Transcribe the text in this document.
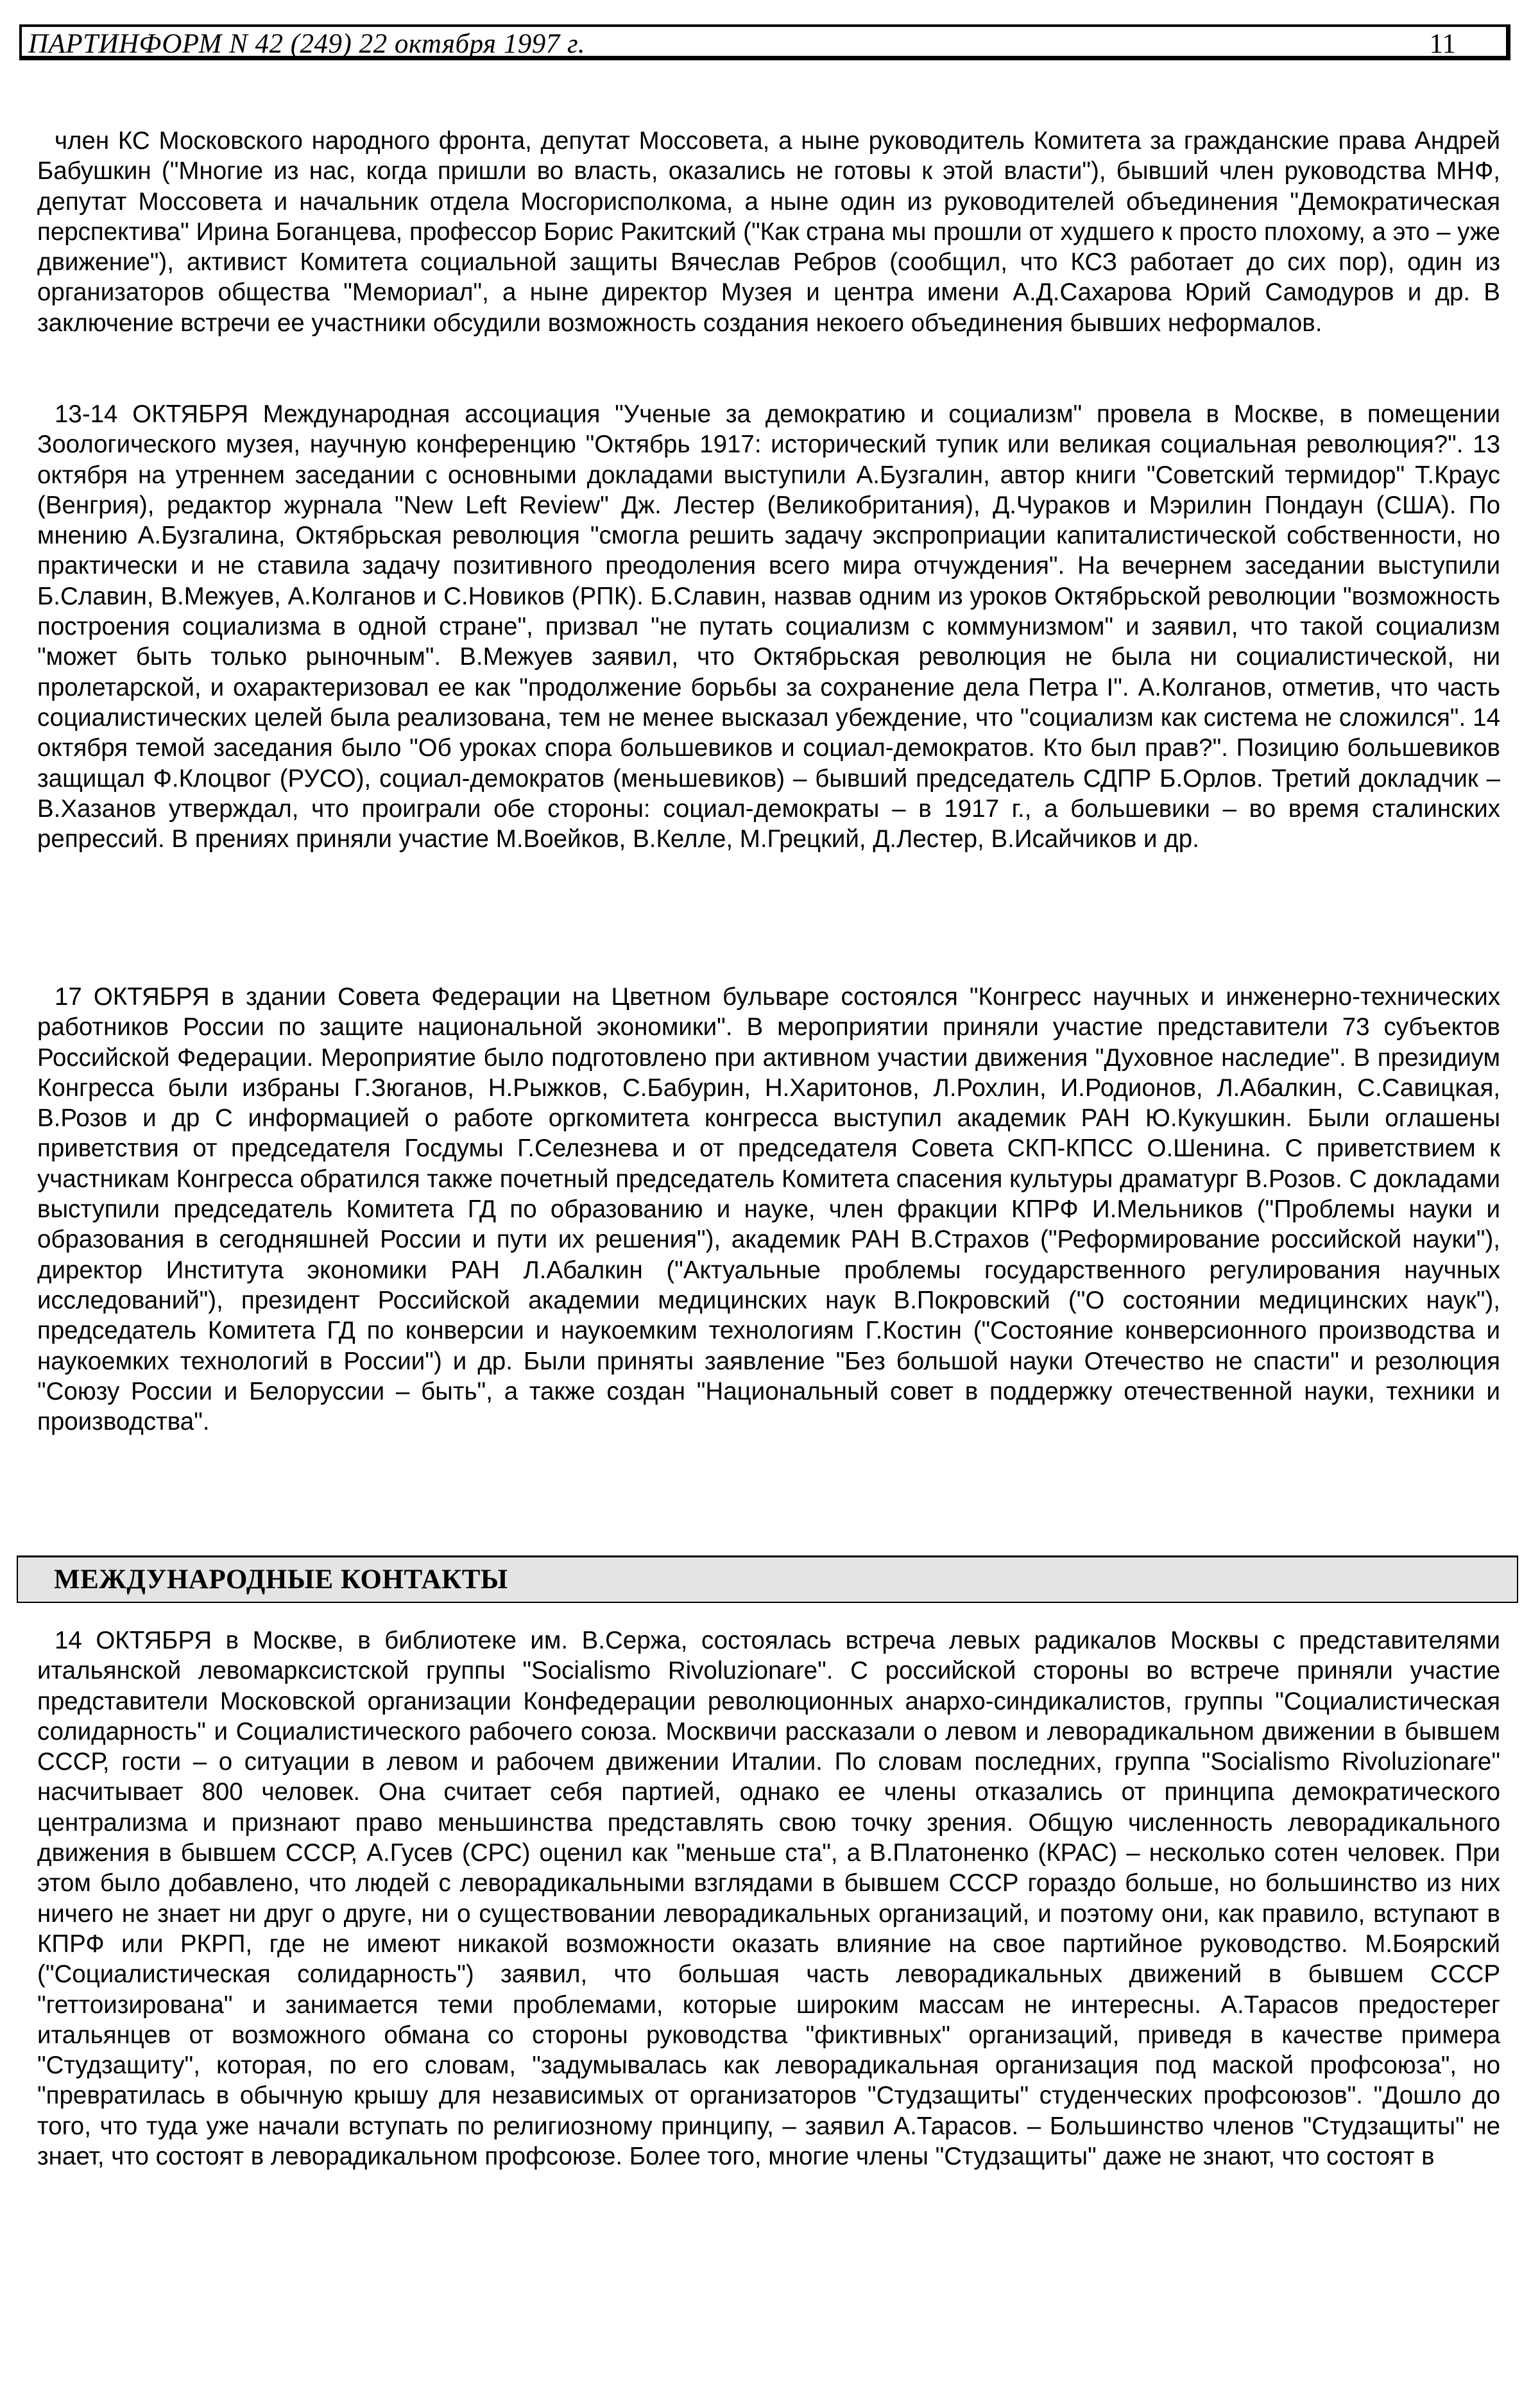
ПАРТИНФОРМ N 42 (249) 22 октября 1997 г.	11

член КС Московского народного фронта, депутат Моссовета, а ныне руководитель Комитета за гражданские права Андрей Бабушкин ("Многие из нас, когда пришли во власть, оказались не готовы к этой власти"), бывший член руководства МНФ, депутат Моссовета и начальник отдела Мосгорисполкома, а ныне один из руководителей объединения "Демократическая перспектива" Ирина Боганцева, профессор Борис Ракитский ("Как страна мы прошли от худшего к просто плохому, а это – уже движение"), активист Комитета социальной защиты Вячеслав Ребров (сообщил, что КСЗ работает до сих пор), один из организаторов общества "Мемориал", а ныне директор Музея и центра имени А.Д.Сахарова Юрий Самодуров и др. В заключение встречи ее участники обсудили возможность создания некоего объединения бывших неформалов.

13-14 ОКТЯБРЯ Международная ассоциация "Ученые за демократию и социализм" провела в Москве, в помещении Зоологического музея, научную конференцию "Октябрь 1917: исторический тупик или великая социальная революция?". 13 октября на утреннем заседании с основными докладами выступили А.Бузгалин, автор книги "Советский термидор" Т.Краус (Венгрия), редактор журнала "New Left Review" Дж. Лестер (Великобритания), Д.Чураков и Мэрилин Пондаун (США). По мнению А.Бузгалина, Октябрьская революция "смогла решить задачу экспроприации капиталистической собственности, но практически и не ставила задачу позитивного преодоления всего мира отчуждения". На вечернем заседании выступили Б.Славин, В.Межуев, А.Колганов и С.Новиков (РПК). Б.Славин, назвав одним из уроков Октябрьской революции "возможность построения социализма в одной стране", призвал "не путать социализм с коммунизмом" и заявил, что такой социализм "может быть только рыночным". В.Межуев заявил, что Октябрьская революция не была ни социалистической, ни пролетарской, и охарактеризовал ее как "продолжение борьбы за сохранение дела Петра I". А.Колганов, отметив, что часть социалистических целей была реализована, тем не менее высказал убеждение, что "социализм как система не сложился". 14 октября темой заседания было "Об уроках спора большевиков и социал-демократов. Кто был прав?". Позицию большевиков защищал Ф.Клоцвог (РУСО), социал-демократов (меньшевиков) – бывший председатель СДПР Б.Орлов. Третий докладчик – В.Хазанов утверждал, что проиграли обе стороны: социал-демократы – в 1917 г., а большевики – во время сталинских репрессий. В прениях приняли участие М.Воейков, В.Келле, М.Грецкий, Д.Лестер, В.Исайчиков и др.

17 ОКТЯБРЯ в здании Совета Федерации на Цветном бульваре состоялся "Конгресс научных и инженерно-технических работников России по защите национальной экономики". В мероприятии приняли участие представители 73 субъектов Российской Федерации. Мероприятие было подготовлено при активном участии движения "Духовное наследие". В президиум Конгресса были избраны Г.Зюганов, Н.Рыжков, С.Бабурин, Н.Харитонов, Л.Рохлин, И.Родионов, Л.Абалкин, С.Савицкая, В.Розов и др С информацией о работе оргкомитета конгресса выступил академик РАН Ю.Кукушкин. Были оглашены приветствия от председателя Госдумы Г.Селезнева и от председателя Совета СКП-КПСС О.Шенина. С приветствием к участникам Конгресса обратился также почетный председатель Комитета спасения культуры драматург В.Розов. С докладами выступили председатель Комитета ГД по образованию и науке, член фракции КПРФ И.Мельников ("Проблемы науки и образования в сегодняшней России и пути их решения"), академик РАН В.Страхов ("Реформирование российской науки"), директор Института экономики РАН Л.Абалкин ("Актуальные проблемы государственного регулирования научных исследований"), президент Российской академии медицинских наук В.Покровский ("О состоянии медицинских наук"), председатель Комитета ГД по конверсии и наукоемким технологиям Г.Костин ("Состояние конверсионного производства и наукоемких технологий в России") и др. Были приняты заявление "Без большой науки Отечество не спасти" и резолюция "Союзу России и Белоруссии – быть", а также создан "Национальный совет в поддержку отечественной науки, техники и производства".

МЕЖДУНАРОДНЫЕ КОНТАКТЫ

14 ОКТЯБРЯ в Москве, в библиотеке им. В.Сержа, состоялась встреча левых радикалов Москвы с представителями итальянской левомарксистской группы "Socialismo Rivoluzionare". С российской стороны во встрече приняли участие представители Московской организации Конфедерации революционных анархо-синдикалистов, группы "Социалистическая солидарность" и Социалистического рабочего союза. Москвичи рассказали о левом и леворадикальном движении в бывшем СССР, гости – о ситуации в левом и рабочем движении Италии. По словам последних, группа "Socialismo Rivoluzionare" насчитывает 800 человек. Она считает себя партией, однако ее члены отказались от принципа демократического централизма и признают право меньшинства представлять свою точку зрения. Общую численность леворадикального движения в бывшем СССР, А.Гусев (СРС) оценил как "меньше ста", а В.Платоненко (КРАС) – несколько сотен человек. При этом было добавлено, что людей с леворадикальными взглядами в бывшем СССР гораздо больше, но большинство из них ничего не знает ни друг о друге, ни о существовании леворадикальных организаций, и поэтому они, как правило, вступают в КПРФ или РКРП, где не имеют никакой возможности оказать влияние на свое партийное руководство. М.Боярский ("Социалистическая солидарность") заявил, что большая часть леворадикальных движений в бывшем СССР "геттоизирована" и занимается теми проблемами, которые широким массам не интересны. А.Тарасов предостерег итальянцев от возможного обмана со стороны руководства "фиктивных" организаций, приведя в качестве примера "Студзащиту", которая, по его словам, "задумывалась как леворадикальная организация под маской профсоюза", но "превратилась в обычную крышу для независимых от организаторов "Студзащиты" студенческих профсоюзов". "Дошло до того, что туда уже начали вступать по религиозному принципу, – заявил А.Тарасов. – Большинство членов "Студзащиты" не знает, что состоят в леворадикальном профсоюзе. Более того, многие члены "Студзащиты" даже не знают, что состоят в
